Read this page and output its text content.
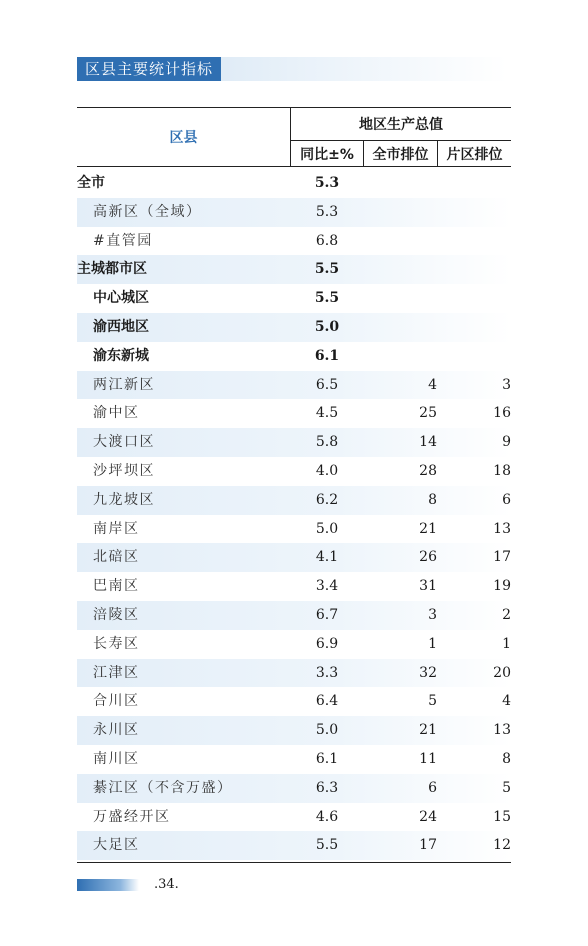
区县主要统计指标
区县
地区生产总值
同比±%	全市排位	片区排位
全市	5.3
高新区（全域）	5.3
#直管园	6.8
主城都市区	5.5
中心城区	5.5
渝西地区	5.0
渝东新城	6.1
两江新区	6.5	4	3
渝中区	4.5	25	16
大渡口区	5.8	14	9
沙坪坝区	4.0	28	18
九龙坡区	6.2	8	6
南岸区	5.0	21	13
北碚区	4.1	26	17
巴南区	3.4	31	19
涪陵区	6.7	3	2
长寿区	6.9	1	1
江津区	3.3	32	20
合川区	6.4	5	4
永川区	5.0	21	13
南川区	6.1	11	8
綦江区（不含万盛）	6.3	6	5
万盛经开区	4.6	24	15
大足区	5.5	17	12
.34.
